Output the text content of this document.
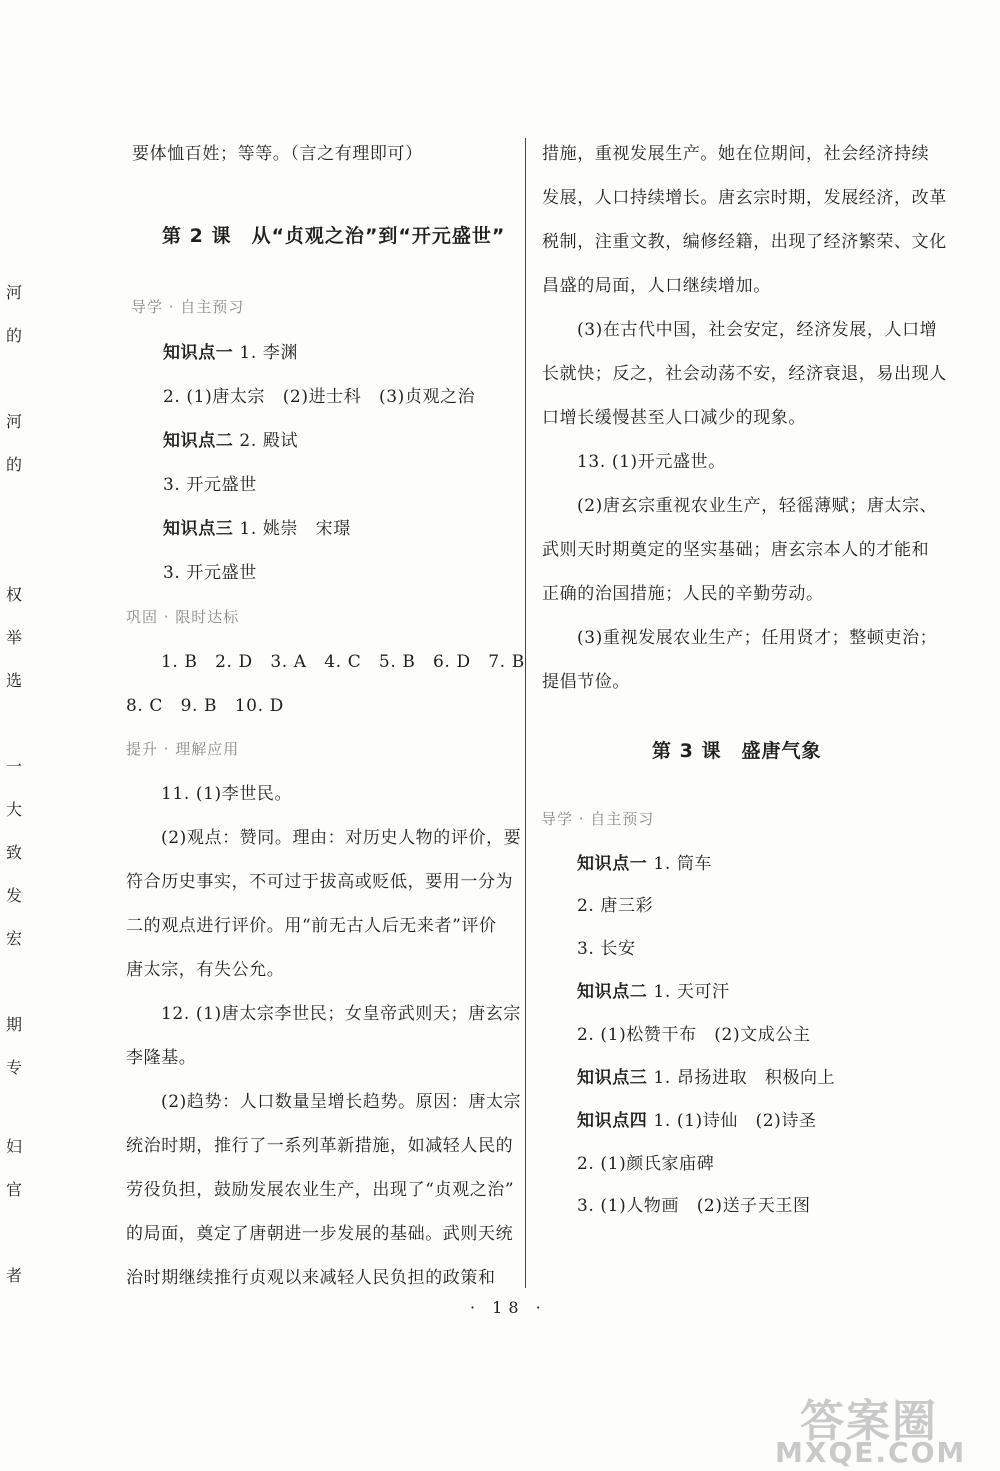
河
的
河
的
权
举
选
一
大
致
发
宏
期
专
妇
官
者
要体恤百姓；等等。（言之有理即可）
第 2 课　从“贞观之治”到“开元盛世”
导学 · 自主预习
知识点一 1. 李渊
2. (1)唐太宗　(2)进士科　(3)贞观之治
知识点二 2. 殿试
3. 开元盛世
知识点三 1. 姚崇　宋璟
3. 开元盛世
巩固 · 限时达标
1. B　2. D　3. A　4. C　5. B　6. D　7. B
8. C　9. B　10. D
提升 · 理解应用
11. (1)李世民。
(2)观点：赞同。理由：对历史人物的评价，要
符合历史事实，不可过于拔高或贬低，要用一分为
二的观点进行评价。用“前无古人后无来者”评价
唐太宗，有失公允。
12. (1)唐太宗李世民；女皇帝武则天；唐玄宗
李隆基。
(2)趋势：人口数量呈增长趋势。原因：唐太宗
统治时期，推行了一系列革新措施，如减轻人民的
劳役负担，鼓励发展农业生产，出现了“贞观之治”
的局面，奠定了唐朝进一步发展的基础。武则天统
治时期继续推行贞观以来减轻人民负担的政策和
措施，重视发展生产。她在位期间，社会经济持续
发展，人口持续增长。唐玄宗时期，发展经济，改革
税制，注重文教，编修经籍，出现了经济繁荣、文化
昌盛的局面，人口继续增加。
(3)在古代中国，社会安定，经济发展，人口增
长就快；反之，社会动荡不安，经济衰退，易出现人
口增长缓慢甚至人口减少的现象。
13. (1)开元盛世。
(2)唐玄宗重视农业生产，轻徭薄赋；唐太宗、
武则天时期奠定的坚实基础；唐玄宗本人的才能和
正确的治国措施；人民的辛勤劳动。
(3)重视发展农业生产；任用贤才；整顿吏治；
提倡节俭。
第 3 课　盛唐气象
导学 · 自主预习
知识点一 1. 筒车
2. 唐三彩
3. 长安
知识点二 1. 天可汗
2. (1)松赞干布　(2)文成公主
知识点三 1. 昂扬进取　积极向上
知识点四 1. (1)诗仙　(2)诗圣
2. (1)颜氏家庙碑
3. (1)人物画　(2)送子天王图
· 18 ·
答案圈
MXQE.COM
